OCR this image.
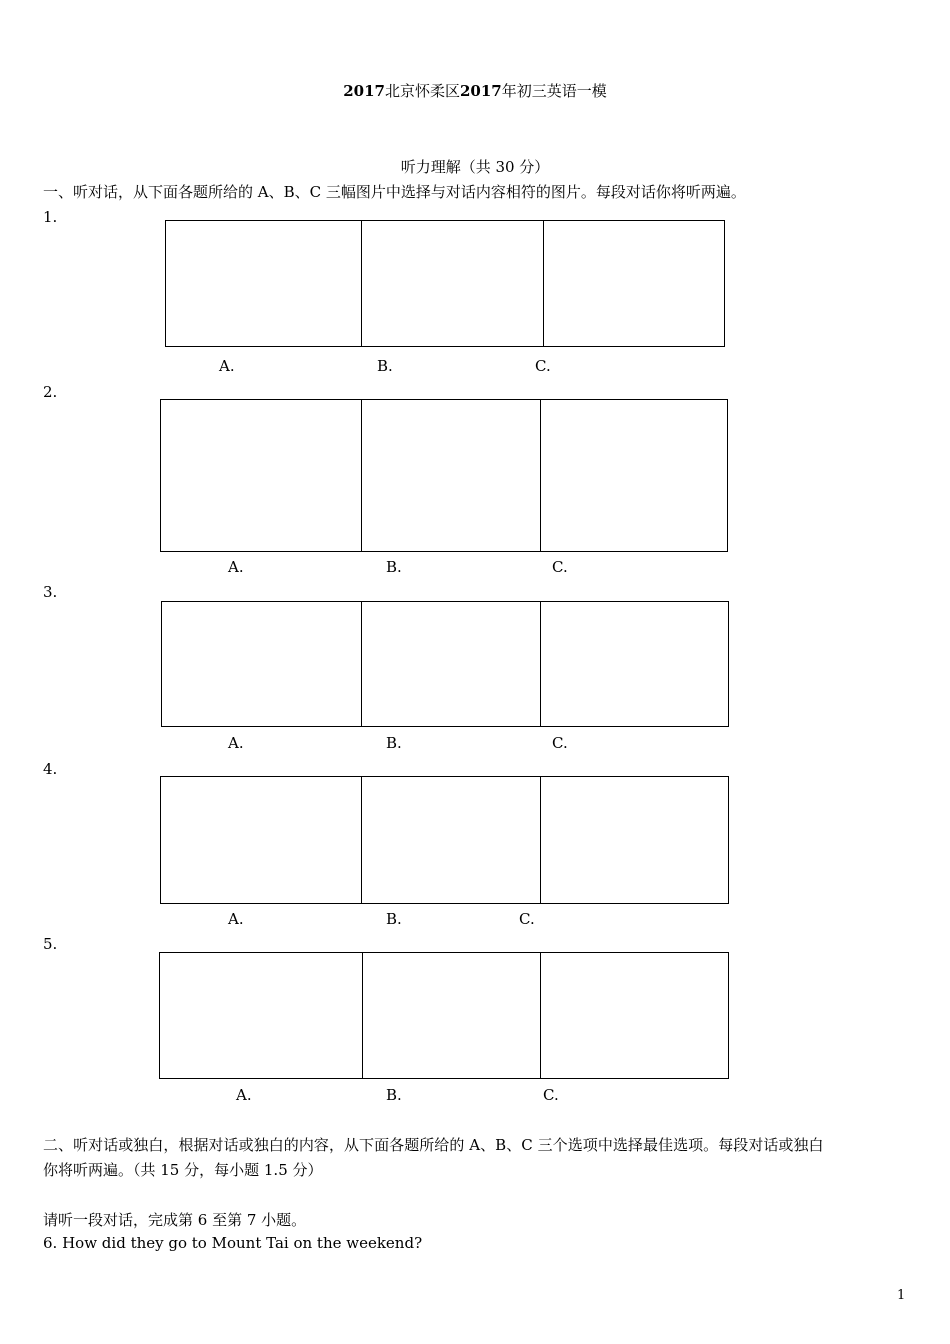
2017北京怀柔区2017年初三英语一模
听力理解（共 30 分）
一、听对话，从下面各题所给的 A、B、C 三幅图片中选择与对话内容相符的图片。每段对话你将听两遍。
1.
A.	B.	C.
2.
A.	B.	C.
3.
A.	B.	C.
4.
A.	B.	C.
5.
A.	B.	C.
二、听对话或独白，根据对话或独白的内容，从下面各题所给的 A、B、C 三个选项中选择最佳选项。每段对话或独白
你将听两遍。（共 15 分，每小题 1.5 分）
请听一段对话，完成第 6 至第 7 小题。
6. How did they go to Mount Tai on the weekend?
1
